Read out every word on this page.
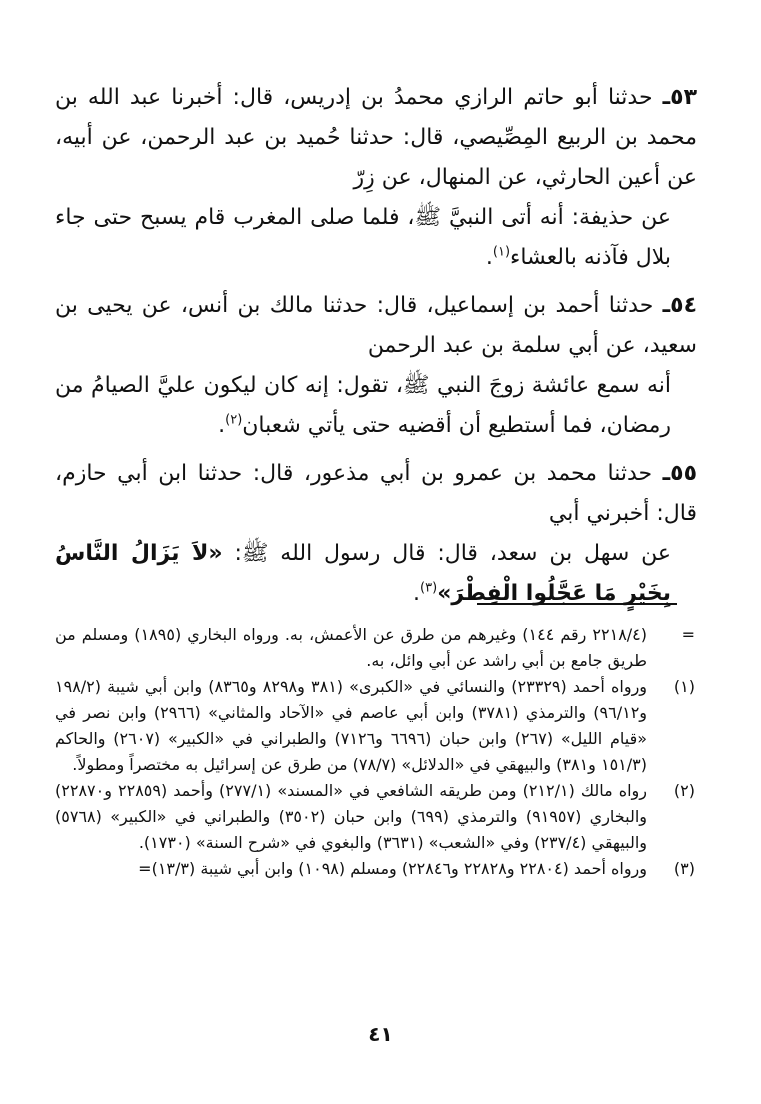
٥٣ـ حدثنا أبو حاتم الرازي محمدُ بن إدريس، قال: أخبرنا عبد الله بن محمد بن الربيع المِصِّيصي، قال: حدثنا حُميد بن عبد الرحمن، عن أبيه، عن أعين الحارثي، عن المنهال، عن زِرّ

عن حذيفة: أنه أتى النبيَّ ﷺ، فلما صلى المغرب قام يسبح حتى جاء بلال فآذنه بالعشاء$^{(١)}$.

٥٤ـ حدثنا أحمد بن إسماعيل، قال: حدثنا مالك بن أنس، عن يحيى بن سعيد، عن أبي سلمة بن عبد الرحمن

أنه سمع عائشة زوجَ النبي ﷺ، تقول: إنه كان ليكون عليَّ الصيامُ من رمضان، فما أستطيع أن أقضيه حتى يأتي شعبان$^{(٢)}$.

٥٥ـ حدثنا محمد بن عمرو بن أبي مذعور، قال: حدثنا ابن أبي حازم، قال: أخبرني أبي

عن سهل بن سعد، قال: قال رسول الله ﷺ: «لاَ يَزَالُ النَّاسُ بِخَيْرٍ مَا عَجَّلُوا الْفِطْرَ»$^{(٣)}$.

=
(٢٢١٨/٤ رقم ١٤٤) وغيرهم من طرق عن الأعمش، به. ورواه البخاري (١٨٩٥) ومسلم من طريق جامع بن أبي راشد عن أبي وائل، به.
(١)
ورواه أحمد (٢٣٣٢٩) والنسائي في «الكبرى» (٣٨١ و٨٢٩٨ و٨٣٦٥) وابن أبي شيبة (١٩٨/٢ و٩٦/١٢) والترمذي (٣٧٨١) وابن أبي عاصم في «الآحاد والمثاني» (٢٩٦٦) وابن نصر في «قيام الليل» (٢٦٧) وابن حبان (٦٦٩٦ و٧١٢٦) والطبراني في «الكبير» (٢٦٠٧) والحاكم (١٥١/٣ و٣٨١) والبيهقي في «الدلائل» (٧٨/٧) من طرق عن إسرائيل به مختصراً ومطولاً.
(٢)
رواه مالك (٢١٢/١) ومن طريقه الشافعي في «المسند» (٢٧٧/١) وأحمد (٢٢٨٥٩ و٢٢٨٧٠) والبخاري (٩١٩٥٧) والترمذي (٦٩٩) وابن حبان (٣٥٠٢) والطبراني في «الكبير» (٥٧٦٨) والبيهقي (٢٣٧/٤) وفي «الشعب» (٣٦٣١) والبغوي في «شرح السنة» (١٧٣٠).
(٣)
ورواه أحمد (٢٢٨٠٤ و٢٢٨٢٨ و٢٢٨٤٦) ومسلم (١٠٩٨) وابن أبي شيبة (١٣/٣)=
٤١
